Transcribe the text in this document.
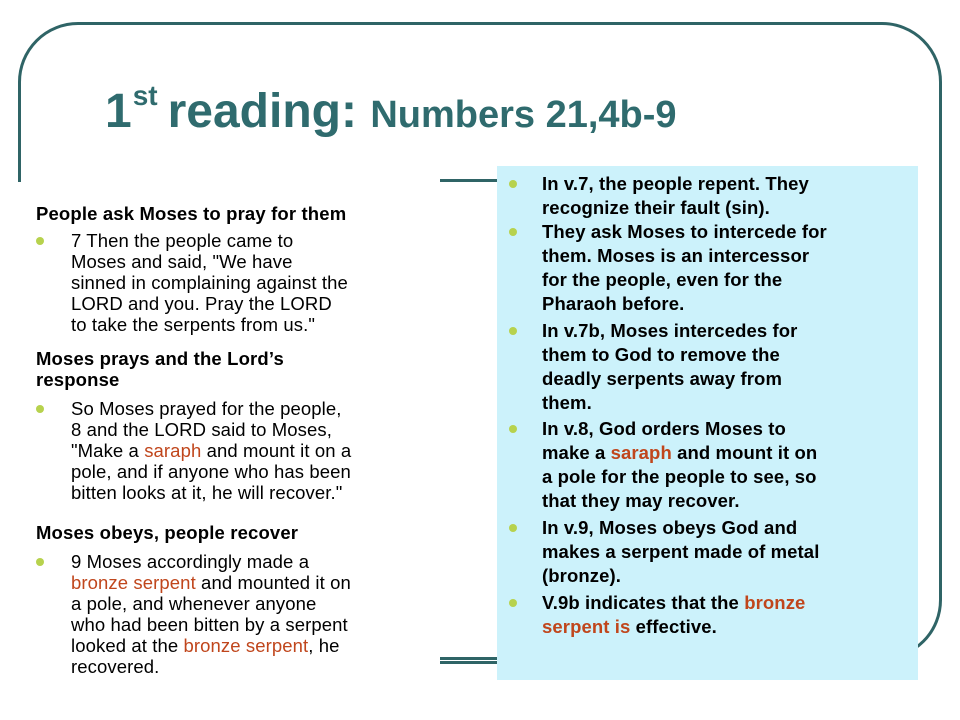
1st reading: Numbers 21,4b-9
People ask Moses to pray for them
7 Then the people came to
Moses and said, "We have
sinned in complaining against the
LORD and you. Pray the LORD
to take the serpents from us."
Moses prays and the Lord’s
response
So Moses prayed for the people,
8 and the LORD said to Moses,
"Make a saraph and mount it on a
pole, and if anyone who has been
bitten looks at it, he will recover."
Moses obeys, people recover
9 Moses accordingly made a
bronze serpent and mounted it on
a pole, and whenever anyone
who had been bitten by a serpent
looked at the bronze serpent, he
recovered.
In v.7, the people repent. They
recognize their fault (sin).
They ask Moses to intercede for
them. Moses is an intercessor
for the people, even for the
Pharaoh before.
In v.7b, Moses intercedes for
them to God to remove the
deadly serpents away from
them.
In v.8, God orders Moses to
make a saraph and mount it on
a pole for the people to see, so
that they may recover.
In v.9, Moses obeys God and
makes a serpent made of metal
(bronze).
V.9b indicates that the bronze
serpent is effective.
